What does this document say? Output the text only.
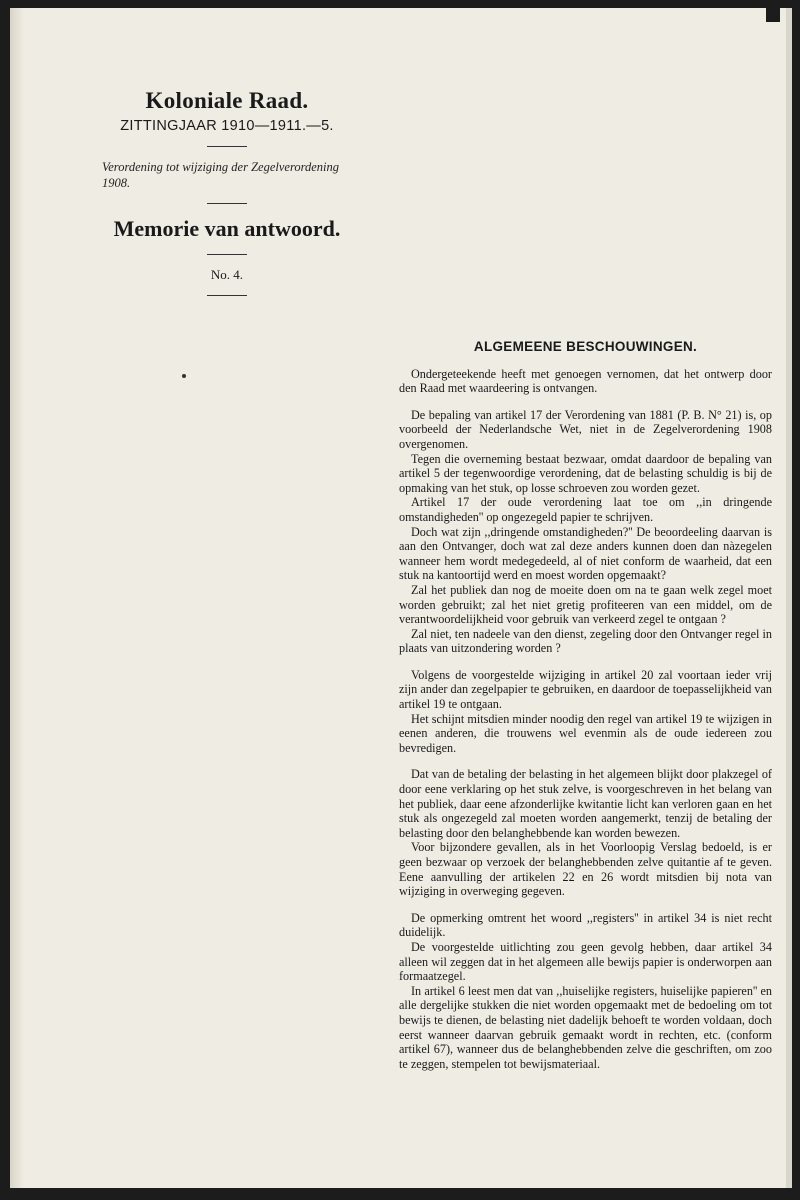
Koloniale Raad.
ZITTINGJAAR 1910—1911.—5.
Verordening tot wijziging der Zegelverordening 1908.
Memorie van antwoord.
No. 4.
ALGEMEENE BESCHOUWINGEN.

Ondergeteekende heeft met genoegen vernomen, dat het ontwerp door den Raad met waardeering is ontvangen.

De bepaling van artikel 17 der Verordening van 1881 (P. B. N° 21) is, op voorbeeld der Nederlandsche Wet, niet in de Zegelverordening 1908 overgenomen.

Tegen die overneming bestaat bezwaar, omdat daardoor de bepaling van artikel 5 der tegenwoordige verordening, dat de belasting schuldig is bij de opmaking van het stuk, op losse schroeven zou worden gezet.

Artikel 17 der oude verordening laat toe om ,,in dringende omstandigheden'' op ongezegeld papier te schrijven.

Doch wat zijn ,,dringende omstandigheden?'' De beoordeeling daarvan is aan den Ontvanger, doch wat zal deze anders kunnen doen dan nàzegelen wanneer hem wordt medegedeeld, al of niet conform de waarheid, dat een stuk na kantoortijd werd en moest worden opgemaakt?

Zal het publiek dan nog de moeite doen om na te gaan welk zegel moet worden gebruikt; zal het niet gretig profiteeren van een middel, om de verantwoordelijkheid voor gebruik van verkeerd zegel te ontgaan ?

Zal niet, ten nadeele van den dienst, zegeling door den Ontvanger regel in plaats van uitzondering worden ?

Volgens de voorgestelde wijziging in artikel 20 zal voortaan ieder vrij zijn ander dan zegelpapier te gebruiken, en daardoor de toepasselijkheid van artikel 19 te ontgaan.

Het schijnt mitsdien minder noodig den regel van artikel 19 te wijzigen in eenen anderen, die trouwens wel evenmin als de oude iedereen zou bevredigen.

Dat van de betaling der belasting in het algemeen blijkt door plakzegel of door eene verklaring op het stuk zelve, is voorgeschreven in het belang van het publiek, daar eene afzonderlijke kwitantie licht kan verloren gaan en het stuk als ongezegeld zal moeten worden aangemerkt, tenzij de betaling der belasting door den belanghebbende kan worden bewezen.

Voor bijzondere gevallen, als in het Voorloopig Verslag bedoeld, is er geen bezwaar op verzoek der belanghebbenden zelve quitantie af te geven. Eene aanvulling der artikelen 22 en 26 wordt mitsdien bij nota van wijziging in overweging gegeven.

De opmerking omtrent het woord ,,registers'' in artikel 34 is niet recht duidelijk.

De voorgestelde uitlichting zou geen gevolg hebben, daar artikel 34 alleen wil zeggen dat in het algemeen alle bewijs papier is onderworpen aan formaatzegel.

In artikel 6 leest men dat van ,,huiselijke registers, huiselijke papieren'' en alle dergelijke stukken die niet worden opgemaakt met de bedoeling om tot bewijs te dienen, de belasting niet dadelijk behoeft te worden voldaan, doch eerst wanneer daarvan gebruik gemaakt wordt in rechten, etc. (conform artikel 67), wanneer dus de belanghebbenden zelve die geschriften, om zoo te zeggen, stempelen tot bewijsmateriaal.
